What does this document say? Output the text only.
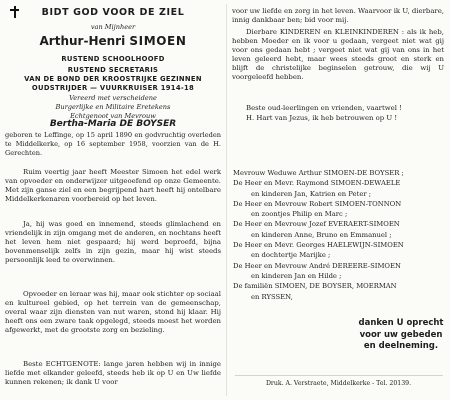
BIDT GOD VOOR DE ZIEL
van Mijnheer
Arthur-Henri SIMOEN
RUSTEND SCHOOLHOOFD
RUSTEND SECRETARIS
VAN DE BOND DER KROOSTRIJKE GEZINNEN
OUDSTRIJDER — VUURKRUISER 1914-18
Vereerd met verscheidene
Burgerlijke en Militaire Eretekens
Echtgenoot van Mevrouw
Bertha-Maria DE BOYSER
geboren te Leffinge, op 15 april 1890 en godvruchtig overleden te Middelkerke, op 16 september 1958, voorzien van de H. Gerechten.
Ruim veertig jaar heeft Meester Simoen het edel werk van opvoeder en onderwijzer uitgeoefend op onze Gemeente. Met zijn ganse ziel en een begrijpend hart heeft hij ontelbare Middelkerkenaren voorbereid op het leven.
Ja, hij was goed en innemend, steeds glimlachend en vriendelijk in zijn omgang met de anderen, en nochtans heeft het leven hem niet gespaard; hij werd beproefd, bijna bovenmenselijk zelfs in zijn gezin, maar hij wist steeds persoonlijk leed te overwinnen.
Opvoeder en leraar was hij, maar ook stichter op sociaal en kultureel gebied, op het terrein van de gemeenschap, overal waar zijn diensten van nut waren, stond hij klaar. Hij heeft ons een zware taak opgelegd, steeds moest het worden afgewerkt, met de grootste zorg en bezieling.
Beste ECHTGENOTE: lange jaren hebben wij in innige liefde met elkander geleefd, steeds heb ik op U en Uw liefde kunnen rekenen; ik dank U voor
voor uw liefde en zorg in het leven. Waarvoor ik U, dierbare, innig dankbaar ben; bid voor mij.
Dierbare KINDEREN en KLEINKINDEREN : als ik heb, hebben Moeder en ik voor u gedaan, vergeet niet wat gij voor ons gedaan hebt ; vergeet niet wat gij van ons in het leven geleerd hebt, maar wees steeds groot en sterk en blijft de christelijke beginselen getrouw, die wij U voorgeleefd hebben.
Beste oud-leerlingen en vrienden, vaartwel !
H. Hart van Jezus, ik heb betrouwen op U !
Mevrouw Weduwe Arthur SIMOEN-DE BOYSER ;
De Heer en Mevr. Raymond SIMOEN-DEWAELE
en kinderen Jan, Katrien en Peter ;
De Heer en Mevrouw Robert SIMOEN-TONNON
en zoontjes Philip en Marc ;
De Heer en Mevrouw Jozef EVERAERT-SIMOEN
en kinderen Anne, Bruno en Emmanuel ;
De Heer en Mevr. Georges HAELEWIJN-SIMOEN
en dochtertje Marijke ;
De Heer en Mevrouw André DEREERE-SIMOEN
en kinderen Jan en Hilde ;
De familiën SIMOEN, DE BOYSER, MOERMAN
en RYSSEN,
danken U oprecht
voor uw gebeden
en deelneming.
Druk. A. Verstraete, Middelkerke - Tel. 20139.
